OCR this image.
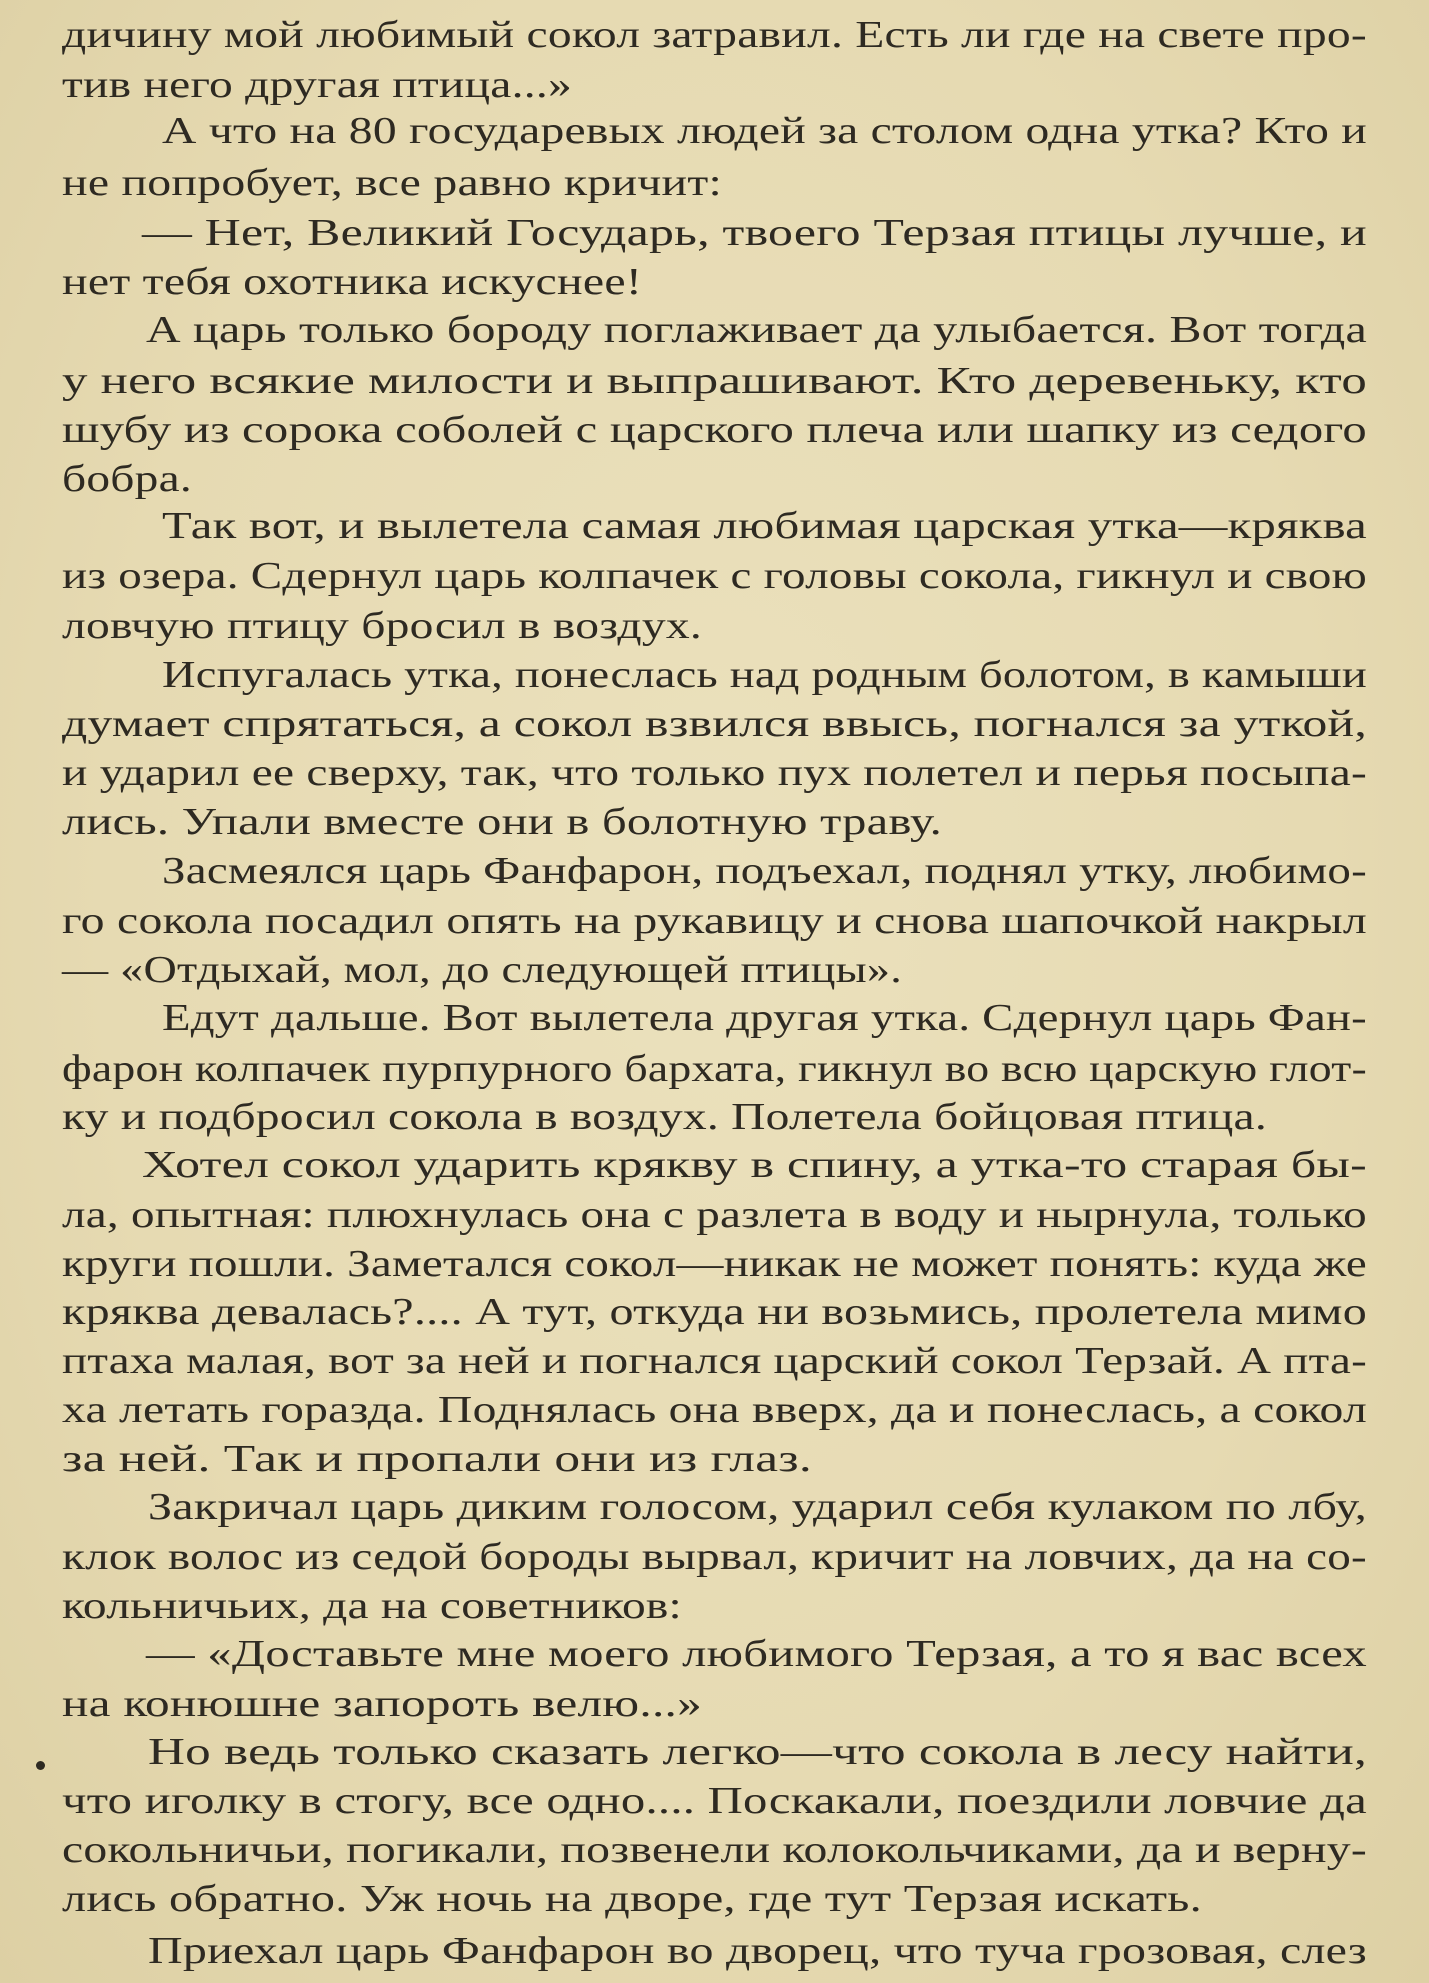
дичину мой любимый сокол затравил. Есть ли где на свете про-
тив него другая птица...»
А что на 80 государевых людей за столом одна утка? Кто и
не попробует, все равно кричит:
— Нет, Великий Государь, твоего Терзая птицы лучше, и
нет тебя охотника искуснее!
А царь только бороду поглаживает да улыбается. Вот тогда
у него всякие милости и выпрашивают. Кто деревеньку, кто
шубу из сорока соболей с царского плеча или шапку из седого
бобра.
Так вот, и вылетела самая любимая царская утка—кряква
из озера. Сдернул царь колпачек с головы сокола, гикнул и свою
ловчую птицу бросил в воздух.
Испугалась утка, понеслась над родным болотом, в камыши
думает спрятаться, а сокол взвился ввысь, погнался за уткой,
и ударил ее сверху, так, что только пух полетел и перья посыпа-
лись. Упали вместе они в болотную траву.
Засмеялся царь Фанфарон, подъехал, поднял утку, любимо-
го сокола посадил опять на рукавицу и снова шапочкой накрыл
— «Отдыхай, мол, до следующей птицы».
Едут дальше. Вот вылетела другая утка. Сдернул царь Фан-
фарон колпачек пурпурного бархата, гикнул во всю царскую глот-
ку и подбросил сокола в воздух. Полетела бойцовая птица.
Хотел сокол ударить крякву в спину, а утка-то старая бы-
ла, опытная: плюхнулась она с разлета в воду и нырнула, только
круги пошли. Заметался сокол—никак не может понять: куда же
кряква девалась?.... А тут, откуда ни возьмись, пролетела мимо
птаха малая, вот за ней и погнался царский сокол Терзай. А пта-
ха летать горазда. Поднялась она вверх, да и понеслась, а сокол
за ней. Так и пропали они из глаз.
Закричал царь диким голосом, ударил себя кулаком по лбу,
клок волос из седой бороды вырвал, кричит на ловчих, да на со-
кольничьих, да на советников:
— «Доставьте мне моего любимого Терзая, а то я вас всех
на конюшне запороть велю...»
Но ведь только сказать легко—что сокола в лесу найти,
что иголку в стогу, все одно.... Поскакали, поездили ловчие да
сокольничьи, погикали, позвенели колокольчиками, да и верну-
лись обратно. Уж ночь на дворе, где тут Терзая искать.
Приехал царь Фанфарон во дворец, что туча грозовая, слез
